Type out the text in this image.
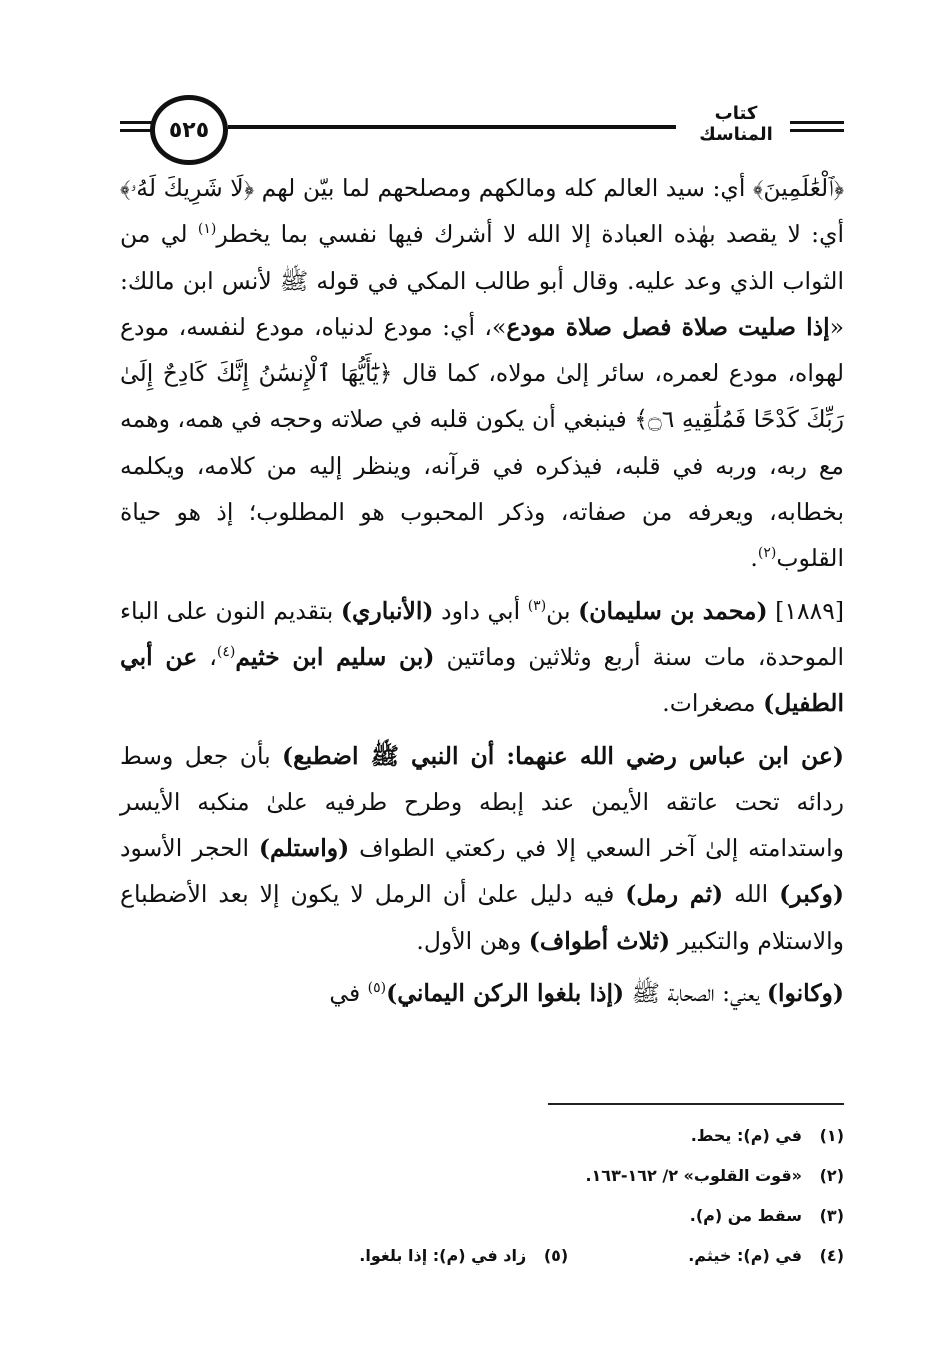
كتاب المناسك
٥٢٥

﴿ٱلْعَٰلَمِينَ﴾ أي: سيد العالم كله ومالكهم ومصلحهم لما بيّن لهم ﴿لَا شَرِيكَ لَهُۥ﴾ أي: لا يقصد بهٰذه العبادة إلا الله لا أشرك فيها نفسي بما يخطر$^{(١)}$ لي من الثواب الذي وعد عليه. وقال أبو طالب المكي في قوله ﷺ لأنس ابن مالك: «إذا صليت صلاة فصل صلاة مودع»، أي: مودع لدنياه، مودع لنفسه، مودع لهواه، مودع لعمره، سائر إلىٰ مولاه، كما قال ﴿يَٰٓأَيُّهَا ٱلْإِنسَٰنُ إِنَّكَ كَادِحٌ إِلَىٰ رَبِّكَ كَدْحًا فَمُلَٰقِيهِ ۝٦﴾ فينبغي أن يكون قلبه في صلاته وحجه في همه، وهمه مع ربه، وربه في قلبه، فيذكره في قرآنه، وينظر إليه من كلامه، ويكلمه بخطابه، ويعرفه من صفاته، وذكر المحبوب هو المطلوب؛ إذ هو حياة القلوب$^{(٢)}$.

[١٨٨٩] (محمد بن سليمان) بن$^{(٣)}$ أبي داود (الأنباري) بتقديم النون على الباء الموحدة، مات سنة أربع وثلاثين ومائتين (بن سليم ابن خثيم$^{(٤)}$، عن أبي الطفيل) مصغرات.

(عن ابن عباس رضي الله عنهما: أن النبي ﷺ اضطبع) بأن جعل وسط ردائه تحت عاتقه الأيمن عند إبطه وطرح طرفيه علىٰ منكبه الأيسر واستدامته إلىٰ آخر السعي إلا في ركعتي الطواف (واستلم) الحجر الأسود (وكبر) الله (ثم رمل) فيه دليل علىٰ أن الرمل لا يكون إلا بعد الأضطباع والاستلام والتكبير (ثلاث أطواف) وهن الأول.

(وكانوا) يعني: الصحابة ﷺ (إذا بلغوا الركن اليماني)$^{(٥)}$ في

(١)في (م): يحط.
(٢)«قوت القلوب» ٢/ ١٦٢-١٦٣.
(٣)سقط من (م).
(٤)في (م): خيثم.(٥)زاد في (م): إذا بلغوا.
